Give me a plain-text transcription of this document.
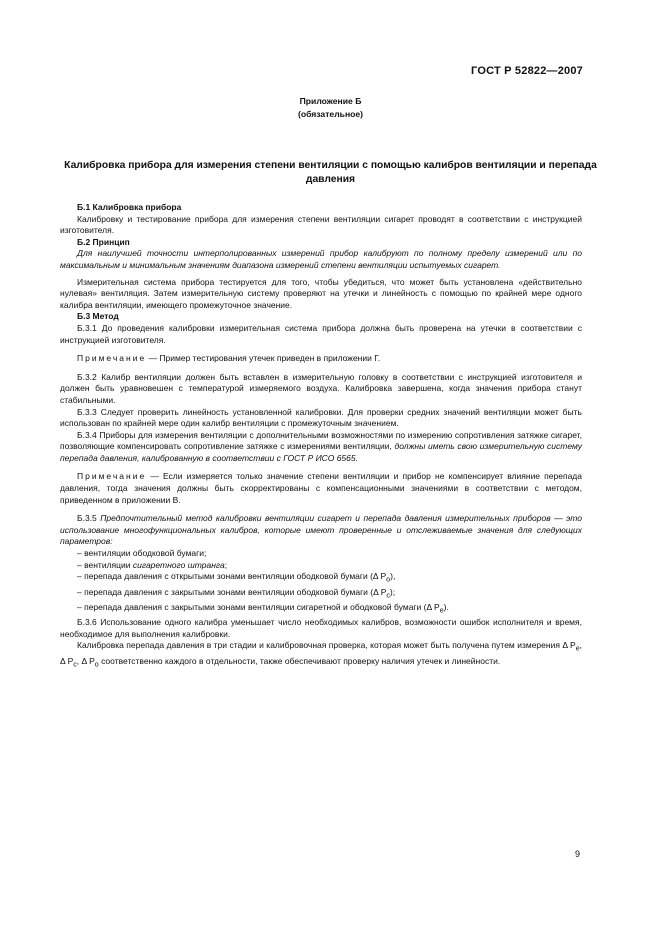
ГОСТ Р 52822—2007
Приложение Б
(обязательное)
Калибровка прибора для измерения степени вентиляции с помощью калибров вентиляции и перепада давления

Б.1 Калибровка прибора

Калибровку и тестирование прибора для измерения степени вентиляции сигарет проводят в соответствии с инструкцией изготовителя.

Б.2 Принцип

Для наилучшей точности интерполированных измерений прибор калибруют по полному пределу измерений или по максимальным и минимальным значениям диапазона измерений степени вентиляции испытуемых сигарет.

Измерительная система прибора тестируется для того, чтобы убедиться, что может быть установлена «действительно нулевая» вентиляция. Затем измерительную систему проверяют на утечки и линейность с помощью по крайней мере одного калибра вентиляции, имеющего промежуточное значение.

Б.3 Метод

Б.3.1 До проведения калибровки измерительная система прибора должна быть проверена на утечки в соответствии с инструкцией изготовителя.

Примечание — Пример тестирования утечек приведен в приложении Г.

Б.3.2 Калибр вентиляции должен быть вставлен в измерительную головку в соответствии с инструкцией изготовителя и должен быть уравновешен с температурой измеряемого воздуха. Калибровка завершена, когда значения прибора станут стабильными.

Б.3.3 Следует проверить линейность установленной калибровки. Для проверки средних значений вентиляции может быть использован по крайней мере один калибр вентиляции с промежуточным значением.

Б.3.4 Приборы для измерения вентиляции с дополнительными возможностями по измерению сопротивления затяжке сигарет, позволяющие компенсировать сопротивление затяжке с измерениями вентиляции, должны иметь свою измерительную систему перепада давления, калиброванную в соответствии с ГОСТ Р ИСО 6565.

Примечание — Если измеряется только значение степени вентиляции и прибор не компенсирует влияние перепада давления, тогда значения должны быть скорректированы с компенсационными значениями в соответствии с методом, приведенном в приложении В.

Б.3.5 Предпочтительный метод калибровки вентиляции сигарет и перепада давления измерительных приборов — это использование многофункциональных калибров, которые имеют проверенные и отслеживаемые значения для следующих параметров:

– вентиляции ободковой бумаги;

– вентиляции сигаретного штранга;

– перепада давления с открытыми зонами вентиляции ободковой бумаги (Δ $P_о$),

– перепада давления с закрытыми зонами вентиляции ободковой бумаги (Δ $P_с$);

– перепада давления с закрытыми зонами вентиляции сигаретной и ободковой бумаги (Δ $P_е$).

Б.3.6 Использование одного калибра уменьшает число необходимых калибров, возможности ошибок исполнителя и время, необходимое для выполнения калибровки.

Калибровка перепада давления в три стадии и калибровочная проверка, которая может быть получена путем измерения Δ $P_е$, Δ $P_с$, Δ $P_о$ соответственно каждого в отдельности, также обеспечивают проверку наличия утечек и линейности.

9
